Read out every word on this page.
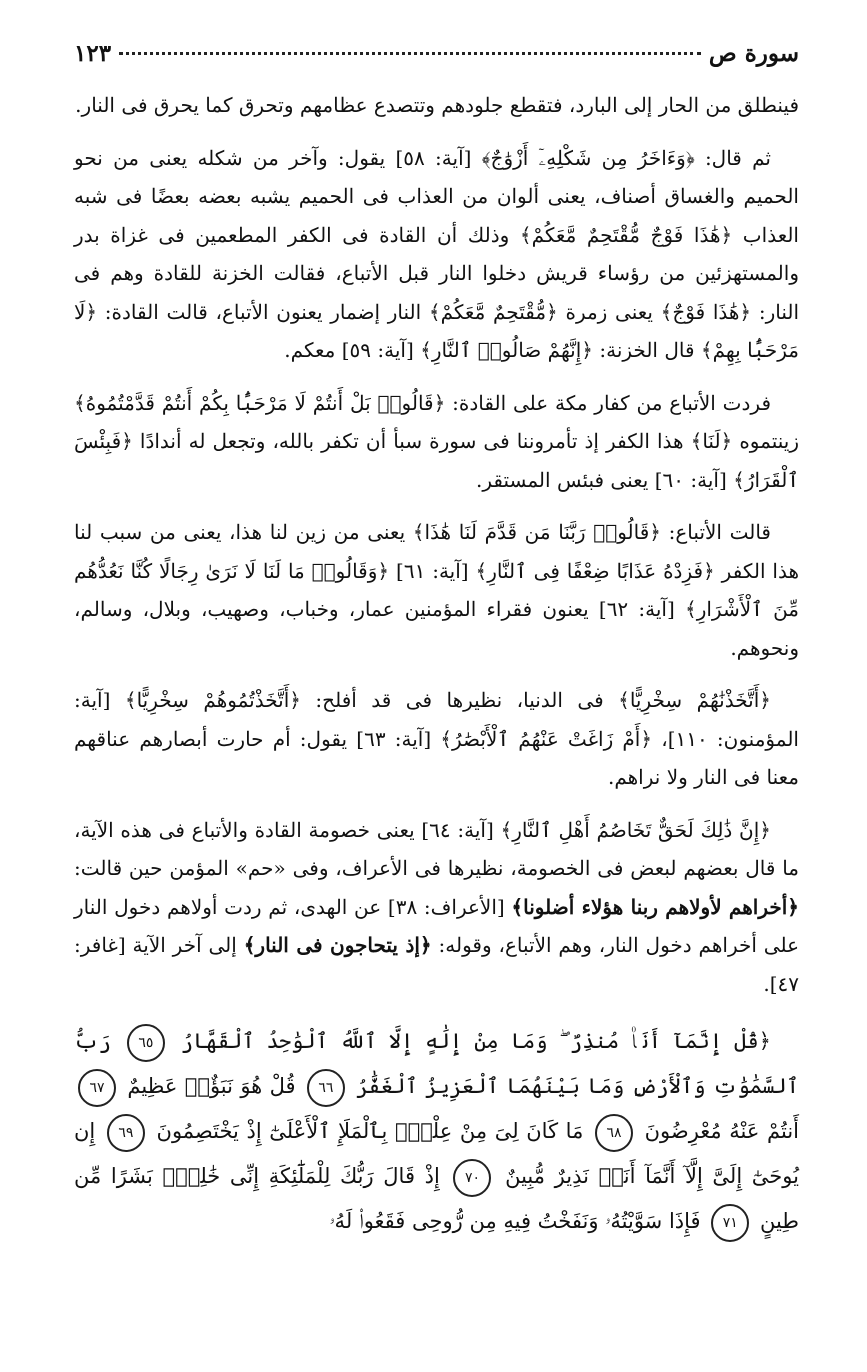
سورة ص
١٢٣

فينطلق من الحار إلى البارد، فتقطع جلودهم وتتصدع عظامهم وتحرق كما يحرق فى النار.

ثم قال: ﴿وَءَاخَرُ مِن شَكْلِهِۦٓ أَزْوَٰجٌ﴾ [آية: ٥٨] يقول: وآخر من شكله يعنى من نحو الحميم والغساق أصناف، يعنى ألوان من العذاب فى الحميم يشبه بعضه بعضًا فى شبه العذاب ﴿هَٰذَا فَوْجٌ مُّقْتَحِمٌ مَّعَكُمْ﴾ وذلك أن القادة فى الكفر المطعمين فى غزاة بدر والمستهزئين من رؤساء قريش دخلوا النار قبل الأتباع، فقالت الخزنة للقادة وهم فى النار: ﴿هَٰذَا فَوْجٌ﴾ يعنى زمرة ﴿مُّقْتَحِمٌ مَّعَكُمْ﴾ النار إضمار يعنون الأتباع، قالت القادة: ﴿لَا مَرْحَبًۢا بِهِمْ﴾ قال الخزنة: ﴿إِنَّهُمْ صَالُوا۟ ٱلنَّارِ﴾ [آية: ٥٩] معكم.

فردت الأتباع من كفار مكة على القادة: ﴿قَالُوا۟ بَلْ أَنتُمْ لَا مَرْحَبًۢا بِكُمْ أَنتُمْ قَدَّمْتُمُوهُ﴾ زينتموه ﴿لَنَا﴾ هذا الكفر إذ تأمروننا فى سورة سبأ أن تكفر بالله، وتجعل له أندادًا ﴿فَبِئْسَ ٱلْقَرَارُ﴾ [آية: ٦٠] يعنى فبئس المستقر.

قالت الأتباع: ﴿قَالُوا۟ رَبَّنَا مَن قَدَّمَ لَنَا هَٰذَا﴾ يعنى من زين لنا هذا، يعنى من سبب لنا هذا الكفر ﴿فَزِدْهُ عَذَابًا ضِعْفًا فِى ٱلنَّارِ﴾ [آية: ٦١] ﴿وَقَالُوا۟ مَا لَنَا لَا نَرَىٰ رِجَالًا كُنَّا نَعُدُّهُم مِّنَ ٱلْأَشْرَارِ﴾ [آية: ٦٢] يعنون فقراء المؤمنين عمار، وخباب، وصهيب، وبلال، وسالم، ونحوهم.

﴿أَتَّخَذْنَٰهُمْ سِخْرِيًّا﴾ فى الدنيا، نظيرها فى قد أفلح: ﴿أَتَّخَذْتُمُوهُمْ سِخْرِيًّا﴾ [آية: المؤمنون: ١١٠]، ﴿أَمْ زَاغَتْ عَنْهُمُ ٱلْأَبْصَٰرُ﴾ [آية: ٦٣] يقول: أم حارت أبصارهم عناقهم معنا فى النار ولا نراهم.

﴿إِنَّ ذَٰلِكَ لَحَقٌّ تَخَاصُمُ أَهْلِ ٱلنَّارِ﴾ [آية: ٦٤] يعنى خصومة القادة والأتباع فى هذه الآية، ما قال بعضهم لبعض فى الخصومة، نظيرها فى الأعراف، وفى «حم» المؤمن حين قالت: ﴿أخراهم لأولاهم ربنا هؤلاء أضلونا﴾ [الأعراف: ٣٨] عن الهدى، ثم ردت أولاهم دخول النار على أخراهم دخول النار، وهم الأتباع، وقوله: ﴿إذ يتحاجون فى النار﴾ إلى آخر الآية [غافر: ٤٧].

﴿قُلْ إِنَّمَآ أَنَا۠ مُنذِرٌ ۖ وَمَا مِنْ إِلَٰهٍ إِلَّا ٱللَّهُ ٱلْوَٰحِدُ ٱلْقَهَّارُ ٦٥ رَبُّ ٱلسَّمَٰوَٰتِ وَٱلْأَرْضِ وَمَا بَيْنَهُمَا ٱلْعَزِيزُ ٱلْغَفَّٰرُ ٦٦ قُلْ هُوَ نَبَؤٌا۟ عَظِيمٌ ٦٧ أَنتُمْ عَنْهُ مُعْرِضُونَ ٦٨ مَا كَانَ لِىَ مِنْ عِلْمٍۭ بِٱلْمَلَإِ ٱلْأَعْلَىٰٓ إِذْ يَخْتَصِمُونَ ٦٩ إِن يُوحَىٰٓ إِلَىَّ إِلَّآ أَنَّمَآ أَنَا۠ نَذِيرٌ مُّبِينٌ ٧٠ إِذْ قَالَ رَبُّكَ لِلْمَلَٰٓئِكَةِ إِنِّى خَٰلِقٌۢ بَشَرًا مِّن طِينٍ ٧١ فَإِذَا سَوَّيْتُهُۥ وَنَفَخْتُ فِيهِ مِن رُّوحِى فَقَعُوا۟ لَهُۥ
